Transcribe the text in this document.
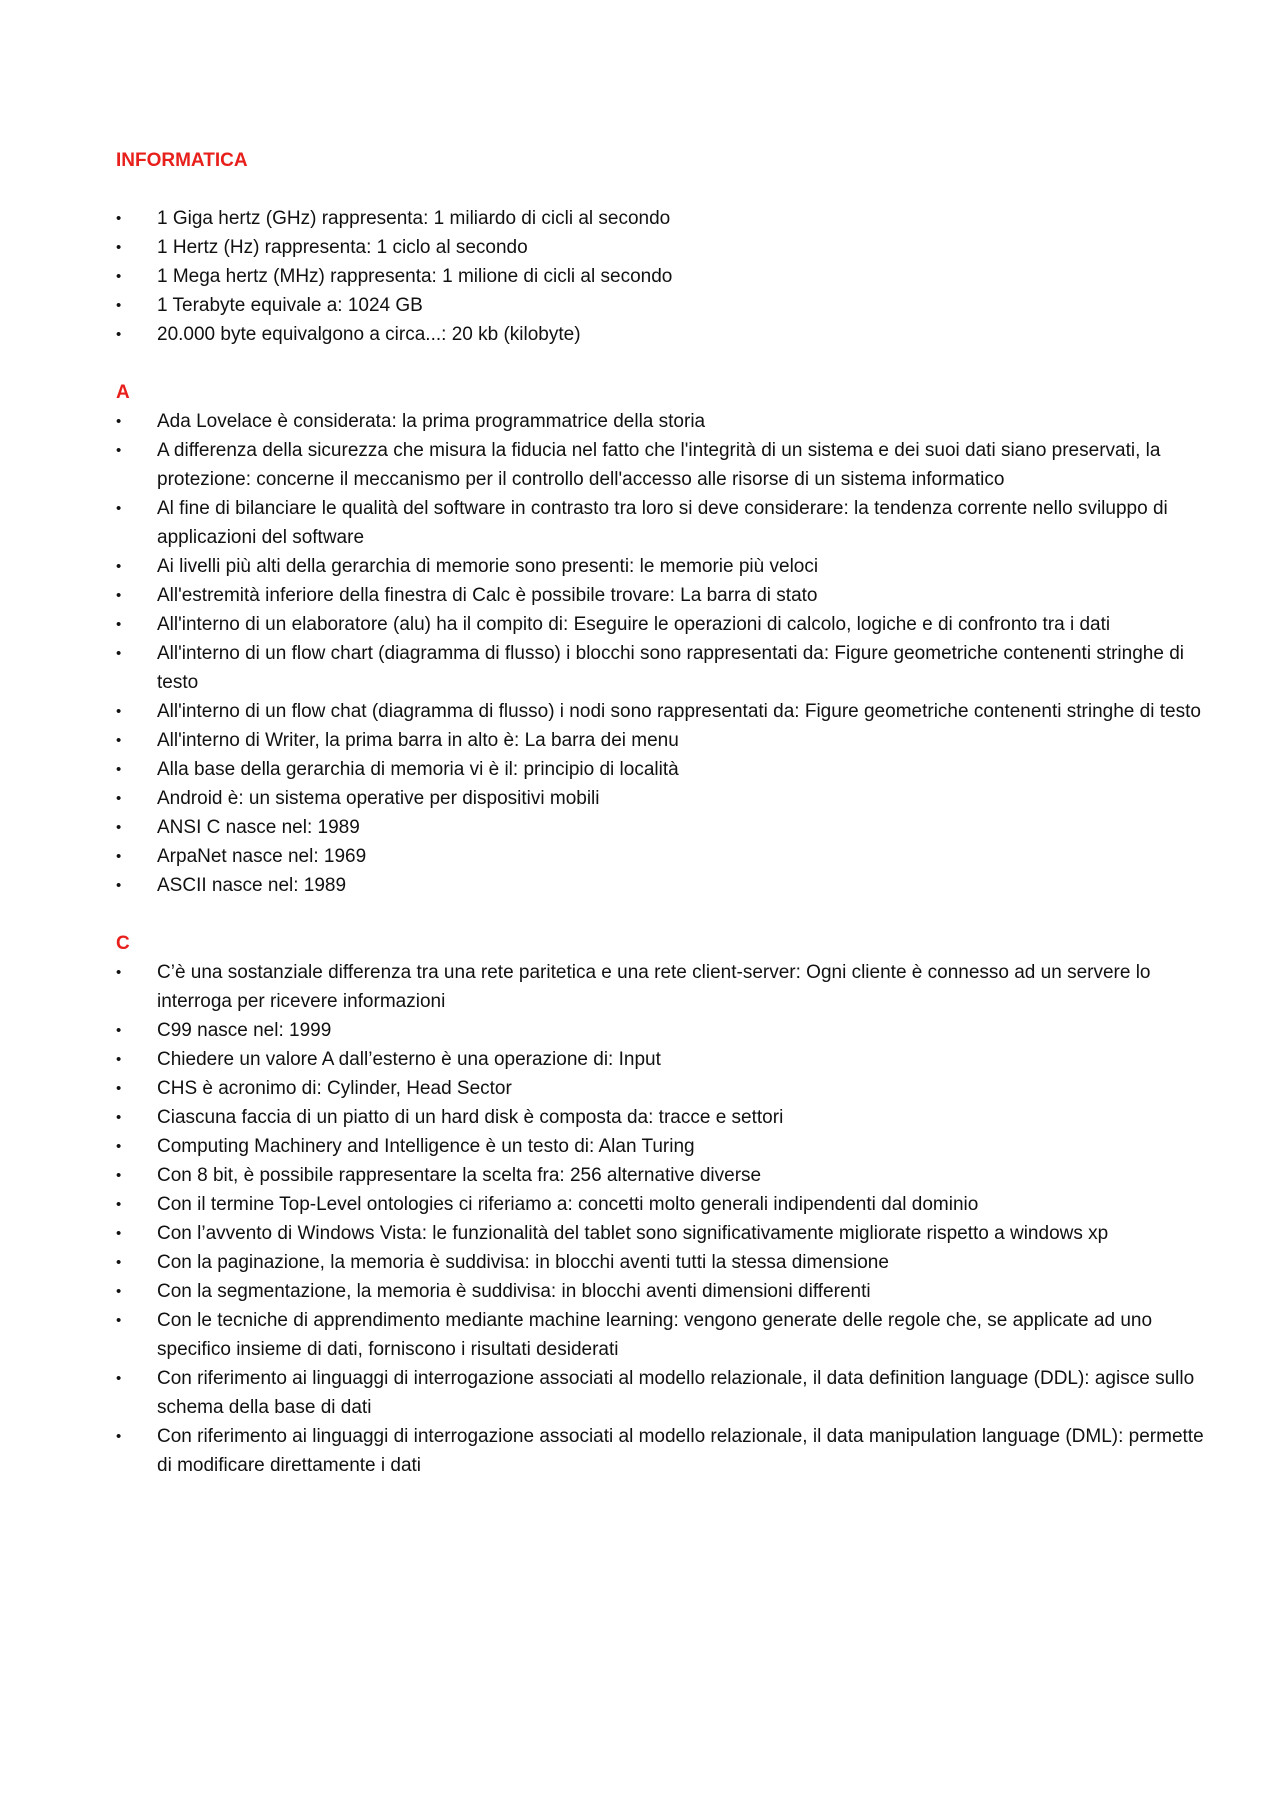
INFORMATICA
•	1 Giga hertz (GHz) rappresenta: 1 miliardo di cicli al secondo
•	1 Hertz (Hz) rappresenta: 1 ciclo al secondo
•	1 Mega hertz (MHz) rappresenta: 1 milione di cicli al secondo
•	1 Terabyte equivale a: 1024 GB
•	20.000 byte equivalgono a circa...: 20 kb (kilobyte)
A
•	Ada Lovelace è considerata: la prima programmatrice della storia
•	A differenza della sicurezza che misura la fiducia nel fatto che l'integrità di un sistema e dei suoi dati siano preservati, la protezione: concerne il meccanismo per il controllo dell'accesso alle risorse di un sistema informatico
•	Al fine di bilanciare le qualità del software in contrasto tra loro si deve considerare: la tendenza corrente nello sviluppo di applicazioni del software
•	Ai livelli più alti della gerarchia di memorie sono presenti: le memorie più veloci
•	All'estremità inferiore della finestra di Calc è possibile trovare: La barra di stato
•	All'interno di un elaboratore (alu) ha il compito di: Eseguire le operazioni di calcolo, logiche e di confronto tra i dati
•	All'interno di un flow chart (diagramma di flusso) i blocchi sono rappresentati da: Figure geometriche contenenti stringhe di testo
•	All'interno di un flow chat (diagramma di flusso) i nodi sono rappresentati da: Figure geometriche contenenti stringhe di testo
•	All'interno di Writer, la prima barra in alto è: La barra dei menu
•	Alla base della gerarchia di memoria vi è il: principio di località
•	Android è: un sistema operative per dispositivi mobili
•	ANSI C nasce nel: 1989
•	ArpaNet nasce nel: 1969
•	ASCII nasce nel: 1989
C
•	C’è una sostanziale differenza tra una rete paritetica e una rete client-server: Ogni cliente è connesso ad un servere lo interroga per ricevere informazioni
•	C99 nasce nel: 1999
•	Chiedere un valore A dall’esterno è una operazione di: Input
•	CHS è acronimo di: Cylinder, Head Sector
•	Ciascuna faccia di un piatto di un hard disk è composta da: tracce e settori
•	Computing Machinery and Intelligence è un testo di: Alan Turing
•	Con 8 bit, è possibile rappresentare la scelta fra: 256 alternative diverse
•	Con il termine Top-Level ontologies ci riferiamo a: concetti molto generali indipendenti dal dominio
•	Con l’avvento di Windows Vista: le funzionalità del tablet sono significativamente migliorate rispetto a windows xp
•	Con la paginazione, la memoria è suddivisa: in blocchi aventi tutti la stessa dimensione
•	Con la segmentazione, la memoria è suddivisa: in blocchi aventi dimensioni differenti
•	Con le tecniche di apprendimento mediante machine learning: vengono generate delle regole che, se applicate ad uno specifico insieme di dati, forniscono i risultati desiderati
•	Con riferimento ai linguaggi di interrogazione associati al modello relazionale, il data definition language (DDL): agisce sullo schema della base di dati
•	Con riferimento ai linguaggi di interrogazione associati al modello relazionale, il data manipulation language (DML): permette di modificare direttamente i dati
